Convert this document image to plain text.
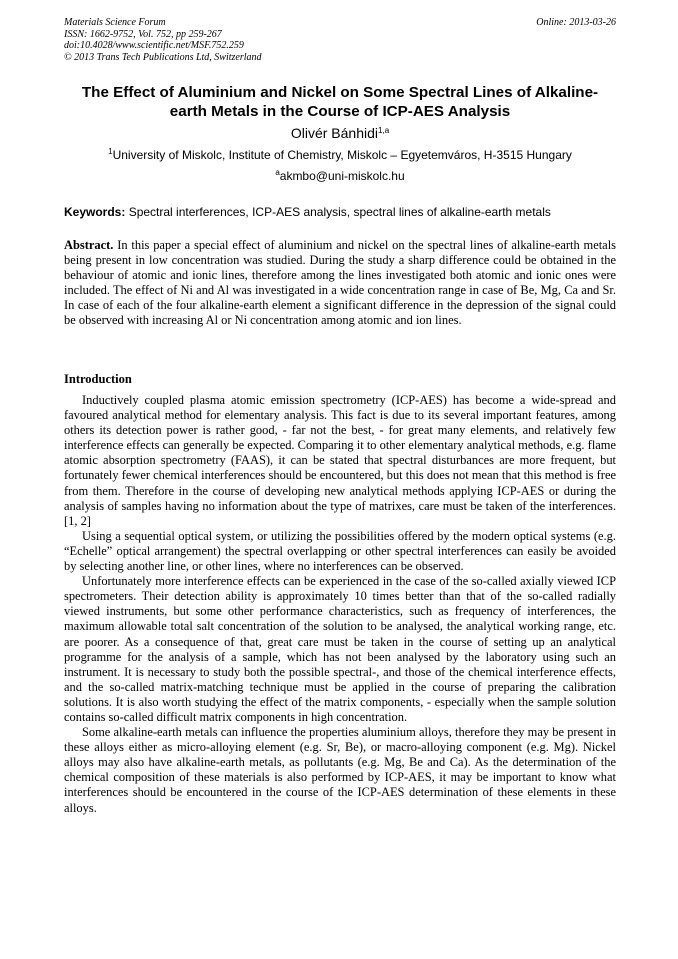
Materials Science Forum	Online: 2013-03-26
ISSN: 1662-9752, Vol. 752, pp 259-267
doi:10.4028/www.scientific.net/MSF.752.259
© 2013 Trans Tech Publications Ltd, Switzerland
The Effect of Aluminium and Nickel on Some Spectral Lines of Alkaline-earth Metals in the Course of ICP-AES Analysis
Olivér Bánhidi$^{1,a}$
$^1$University of Miskolc, Institute of Chemistry, Miskolc – Egyetemváros, H-3515 Hungary
$^a$akmbo@uni-miskolc.hu
Keywords: Spectral interferences, ICP-AES analysis, spectral lines of alkaline-earth metals

Abstract. In this paper a special effect of aluminium and nickel on the spectral lines of alkaline-earth metals being present in low concentration was studied. During the study a sharp difference could be obtained in the behaviour of atomic and ionic lines, therefore among the lines investigated both atomic and ionic ones were included. The effect of Ni and Al was investigated in a wide concentration range in case of Be, Mg, Ca and Sr. In case of each of the four alkaline-earth element a significant difference in the depression of the signal could be observed with increasing Al or Ni concentration among atomic and ion lines.

Introduction

Inductively coupled plasma atomic emission spectrometry (ICP-AES) has become a wide-spread and favoured analytical method for elementary analysis. This fact is due to its several important features, among others its detection power is rather good, - far not the best, - for great many elements, and relatively few interference effects can generally be expected. Comparing it to other elementary analytical methods, e.g. flame atomic absorption spectrometry (FAAS), it can be stated that spectral disturbances are more frequent, but fortunately fewer chemical interferences should be encountered, but this does not mean that this method is free from them. Therefore in the course of developing new analytical methods applying ICP-AES or during the analysis of samples having no information about the type of matrixes, care must be taken of the interferences. [1, 2]

Using a sequential optical system, or utilizing the possibilities offered by the modern optical systems (e.g. “Echelle” optical arrangement) the spectral overlapping or other spectral interferences can easily be avoided by selecting another line, or other lines, where no interferences can be observed.

Unfortunately more interference effects can be experienced in the case of the so-called axially viewed ICP spectrometers. Their detection ability is approximately 10 times better than that of the so-called radially viewed instruments, but some other performance characteristics, such as frequency of interferences, the maximum allowable total salt concentration of the solution to be analysed, the analytical working range, etc. are poorer. As a consequence of that, great care must be taken in the course of setting up an analytical programme for the analysis of a sample, which has not been analysed by the laboratory using such an instrument. It is necessary to study both the possible spectral-, and those of the chemical interference effects, and the so-called matrix-matching technique must be applied in the course of preparing the calibration solutions. It is also worth studying the effect of the matrix components, - especially when the sample solution contains so-called difficult matrix components in high concentration.

Some alkaline-earth metals can influence the properties aluminium alloys, therefore they may be present in these alloys either as micro-alloying element (e.g. Sr, Be), or macro-alloying component (e.g. Mg). Nickel alloys may also have alkaline-earth metals, as pollutants (e.g. Mg, Be and Ca). As the determination of the chemical composition of these materials is also performed by ICP-AES, it may be important to know what interferences should be encountered in the course of the ICP-AES determination of these elements in these alloys.
